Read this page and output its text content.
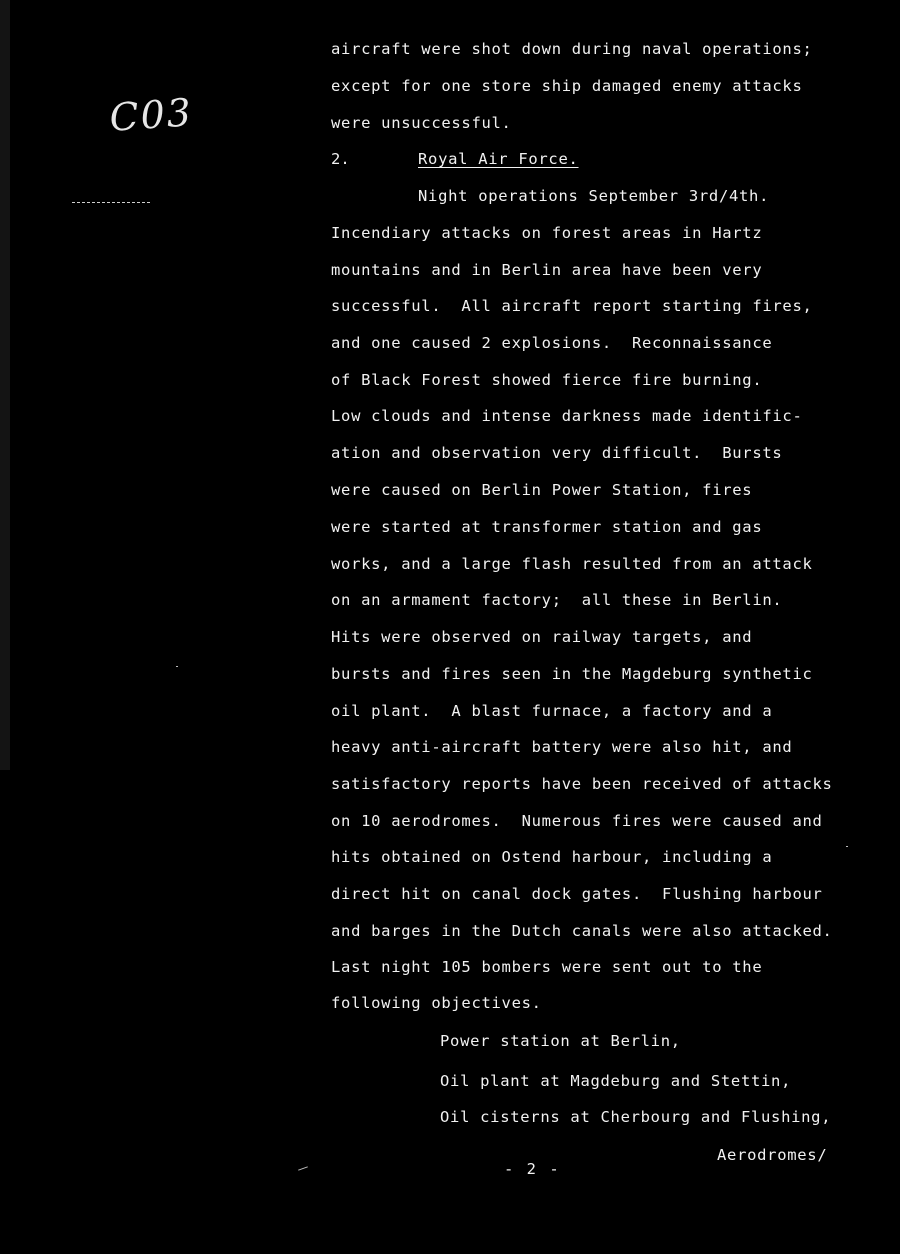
C03
aircraft were shot down during naval operations;
except for one store ship damaged enemy attacks
were unsuccessful.
2.	Royal Air Force.
Night operations September 3rd/4th.
Incendiary attacks on forest areas in Hartz
mountains and in Berlin area have been very
successful.  All aircraft report starting fires,
and one caused 2 explosions.  Reconnaissance
of Black Forest showed fierce fire burning.
Low clouds and intense darkness made identific-
ation and observation very difficult.  Bursts
were caused on Berlin Power Station, fires
were started at transformer station and gas
works, and a large flash resulted from an attack
on an armament factory;  all these in Berlin.
Hits were observed on railway targets, and
bursts and fires seen in the Magdeburg synthetic
oil plant.  A blast furnace, a factory and a
heavy anti-aircraft battery were also hit, and
satisfactory reports have been received of attacks
on 10 aerodromes.  Numerous fires were caused and
hits obtained on Ostend harbour, including a
direct hit on canal dock gates.  Flushing harbour
and barges in the Dutch canals were also attacked.
Last night 105 bombers were sent out to the
following objectives.
Power station at Berlin,
Oil plant at Magdeburg and Stettin,
Oil cisterns at Cherbourg and Flushing,
Aerodromes/
- 2 -
